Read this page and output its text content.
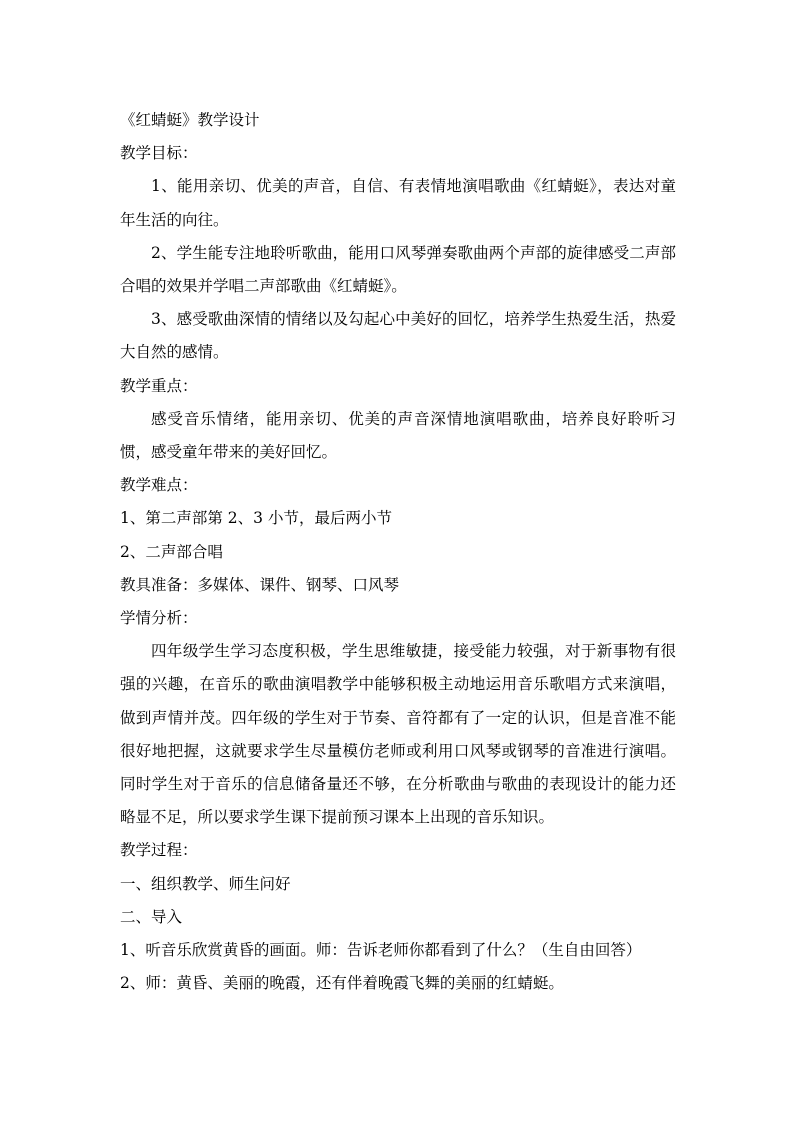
《红蜻蜓》教学设计

教学目标：

1、能用亲切、优美的声音，自信、有表情地演唱歌曲《红蜻蜓》，表达对童年生活的向往。

2、学生能专注地聆听歌曲，能用口风琴弹奏歌曲两个声部的旋律感受二声部合唱的效果并学唱二声部歌曲《红蜻蜓》。

3、感受歌曲深情的情绪以及勾起心中美好的回忆，培养学生热爱生活，热爱大自然的感情。

教学重点：

感受音乐情绪，能用亲切、优美的声音深情地演唱歌曲，培养良好聆听习惯，感受童年带来的美好回忆。

教学难点：

1、第二声部第 2、3 小节，最后两小节

2、二声部合唱

教具准备：多媒体、课件、钢琴、口风琴

学情分析：

四年级学生学习态度积极，学生思维敏捷，接受能力较强，对于新事物有很强的兴趣，在音乐的歌曲演唱教学中能够积极主动地运用音乐歌唱方式来演唱，做到声情并茂。四年级的学生对于节奏、音符都有了一定的认识，但是音准不能很好地把握，这就要求学生尽量模仿老师或利用口风琴或钢琴的音准进行演唱。同时学生对于音乐的信息储备量还不够，在分析歌曲与歌曲的表现设计的能力还略显不足，所以要求学生课下提前预习课本上出现的音乐知识。

教学过程：

一、组织教学、师生问好

二、导入

1、听音乐欣赏黄昏的画面。师：告诉老师你都看到了什么？（生自由回答）

2、师：黄昏、美丽的晚霞，还有伴着晚霞飞舞的美丽的红蜻蜓。
